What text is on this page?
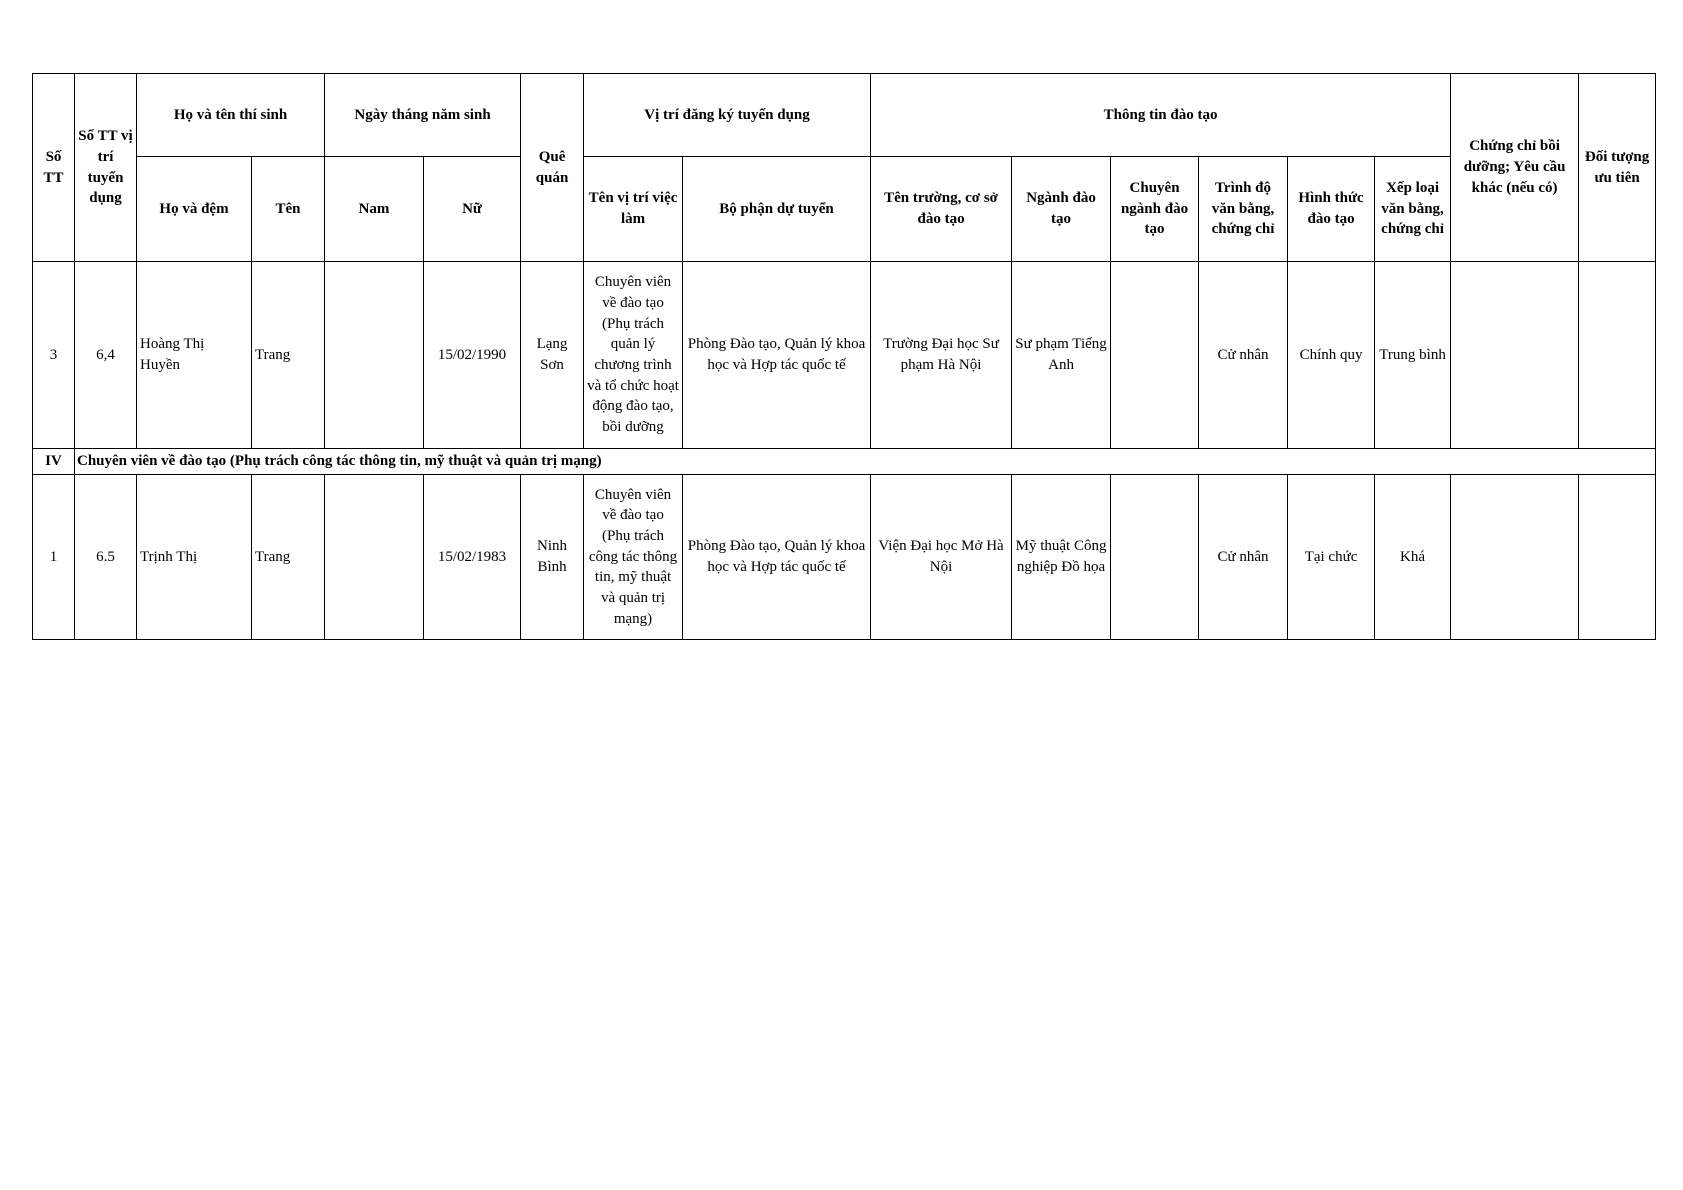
Số TT	Số TT vị trí tuyển dụng	Họ và tên thí sinh		Ngày tháng năm sinh		Quê quán	Vị trí đăng ký tuyển dụng		Thông tin đào tạo						Chứng chỉ bồi dưỡng; Yêu cầu khác (nếu có)	Đối tượng ưu tiên
		Họ và đệm	Tên	Nam	Nữ		Tên vị trí việc làm	Bộ phận dự tuyển	Tên trường, cơ sở đào tạo	Ngành đào tạo	Chuyên ngành đào tạo	Trình độ văn bằng, chứng chỉ	Hình thức đào tạo	Xếp loại văn bằng, chứng chỉ		
3	6,4	Hoàng Thị Huyền	Trang		15/02/1990	Lạng Sơn	Chuyên viên về đào tạo (Phụ trách quản lý chương trình và tổ chức hoạt động đào tạo, bồi dưỡng	Phòng Đào tạo, Quản lý khoa học và Hợp tác quốc tế	Trường Đại học Sư phạm Hà Nội	Sư phạm Tiếng Anh		Cử nhân	Chính quy	Trung bình		
IV	Chuyên viên về đào tạo (Phụ trách công tác thông tin, mỹ thuật và quản trị mạng)															
1	6.5	Trịnh Thị	Trang		15/02/1983	Ninh Bình	Chuyên viên về đào tạo (Phụ trách công tác thông tin, mỹ thuật và quản trị mạng)	Phòng Đào tạo, Quản lý khoa học và Hợp tác quốc tế	Viện Đại học Mở Hà Nội	Mỹ thuật Công nghiệp Đồ họa		Cử nhân	Tại chức	Khá		
